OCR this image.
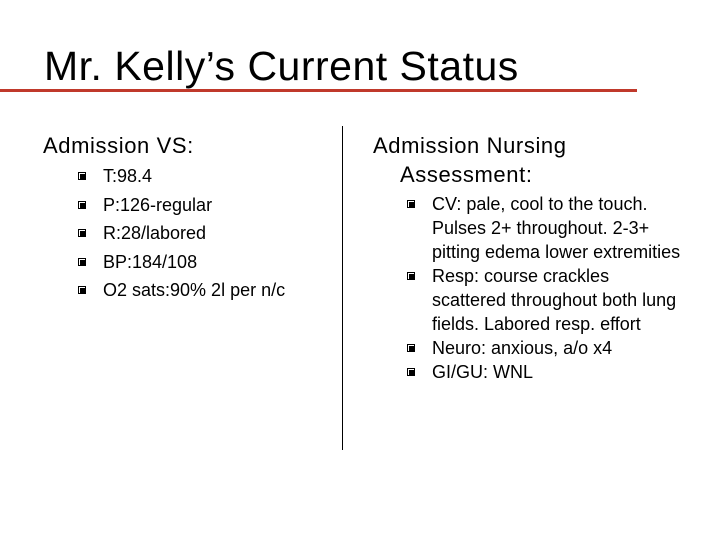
Mr. Kelly’s Current Status
Admission VS:
T:98.4
P:126-regular
R:28/labored
BP:184/108
O2 sats:90% 2l per n/c
Admission Nursing
Assessment:
CV: pale, cool to the touch. Pulses 2+ throughout. 2-3+ pitting edema lower extremities
Resp: course crackles scattered throughout both lung fields. Labored resp. effort
Neuro: anxious, a/o x4
GI/GU: WNL
